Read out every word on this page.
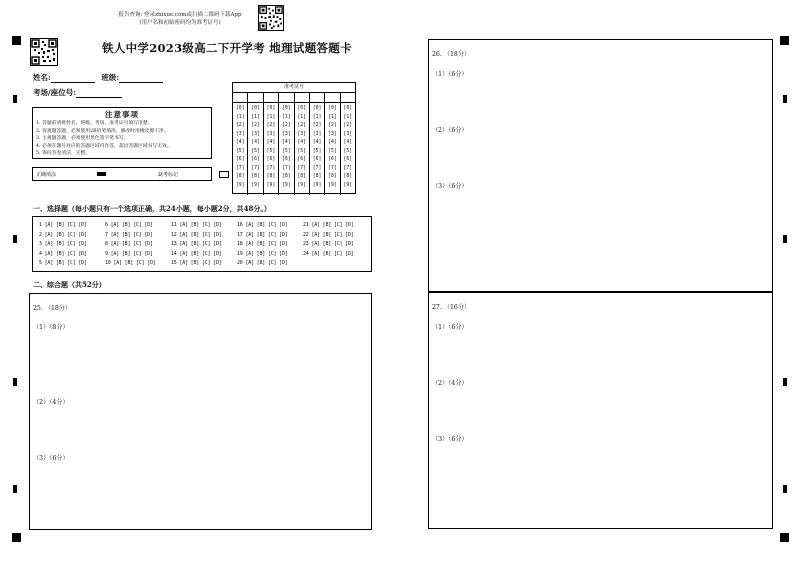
报告查询: 登录zhixue.com或扫描二维码下载App
(用户名和初始密码均为准考证号)
铁人中学2023级高二下开学考 地理试题答题卡
姓名:	班级:
考场/座位号:
准考证号
[0]
[1]
[2]
[3]
[4]
[5]
[6]
[7]
[8]
[9]
[0]
[1]
[2]
[3]
[4]
[5]
[6]
[7]
[8]
[9]
[0]
[1]
[2]
[3]
[4]
[5]
[6]
[7]
[8]
[9]
[0]
[1]
[2]
[3]
[4]
[5]
[6]
[7]
[8]
[9]
[0]
[1]
[2]
[3]
[4]
[5]
[6]
[7]
[8]
[9]
[0]
[1]
[2]
[3]
[4]
[5]
[6]
[7]
[8]
[9]
[0]
[1]
[2]
[3]
[4]
[5]
[6]
[7]
[8]
[9]
[0]
[1]
[2]
[3]
[4]
[5]
[6]
[7]
[8]
[9]
注意事项
1. 答题前请将姓名、班级、考场、准考证号填写清楚。
2. 客观题答题，必须使用2B铅笔填涂，修改时用橡皮擦干净。
3. 主观题答题，必须使用黑色签字笔书写。
4. 必须在题号对应的答题区域内作答，超出答题区域书写无效。
5. 保持答卷清洁、完整。
正确填涂	缺考标记
一、选择题（每小题只有一个选项正确，共24小题，每小题2分，共48分。）
1 [A] [B] [C] [D]
2 [A] [B] [C] [D]
3 [A] [B] [C] [D]
4 [A] [B] [C] [D]
5 [A] [B] [C] [D]
6 [A] [B] [C] [D]
7 [A] [B] [C] [D]
8 [A] [B] [C] [D]
9 [A] [B] [C] [D]
10 [A] [B] [C] [D]
11 [A] [B] [C] [D]
12 [A] [B] [C] [D]
13 [A] [B] [C] [D]
14 [A] [B] [C] [D]
15 [A] [B] [C] [D]
16 [A] [B] [C] [D]
17 [A] [B] [C] [D]
18 [A] [B] [C] [D]
19 [A] [B] [C] [D]
20 [A] [B] [C] [D]
21 [A] [B] [C] [D]
22 [A] [B] [C] [D]
23 [A] [B] [C] [D]
24 [A] [B] [C] [D]
二、综合题（共52分）
25. （18分）
（1）（8分）
（2）（4分）
（3）（6分）
26. （18分）
（1）（6分）
（2）（6分）
（3）（6分）
27. （16分）
（1）（6分）
（2）（4分）
（3）（6分）
